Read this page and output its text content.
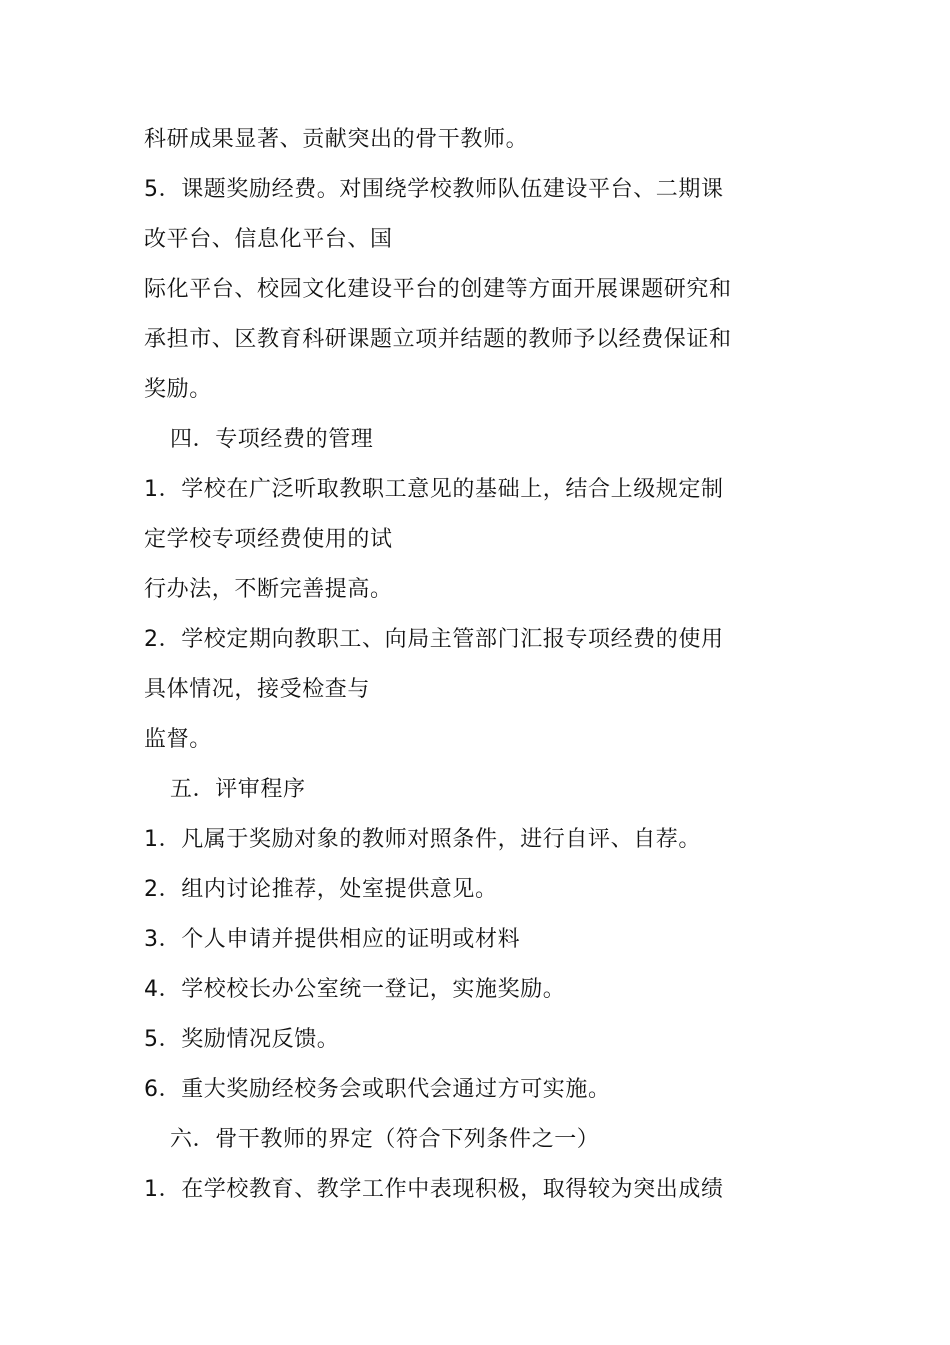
科研成果显著、贡献突出的骨干教师。
5．课题奖励经费。对围绕学校教师队伍建设平台、二期课
改平台、信息化平台、国
际化平台、校园文化建设平台的创建等方面开展课题研究和
承担市、区教育科研课题立项并结题的教师予以经费保证和
奖励。
四．专项经费的管理
1．学校在广泛听取教职工意见的基础上，结合上级规定制
定学校专项经费使用的试
行办法，不断完善提高。
2．学校定期向教职工、向局主管部门汇报专项经费的使用
具体情况，接受检查与
监督。
五．评审程序
1．凡属于奖励对象的教师对照条件，进行自评、自荐。
2．组内讨论推荐，处室提供意见。
3．个人申请并提供相应的证明或材料
4．学校校长办公室统一登记，实施奖励。
5．奖励情况反馈。
6．重大奖励经校务会或职代会通过方可实施。
六．骨干教师的界定（符合下列条件之一）
1．在学校教育、教学工作中表现积极，取得较为突出成绩
